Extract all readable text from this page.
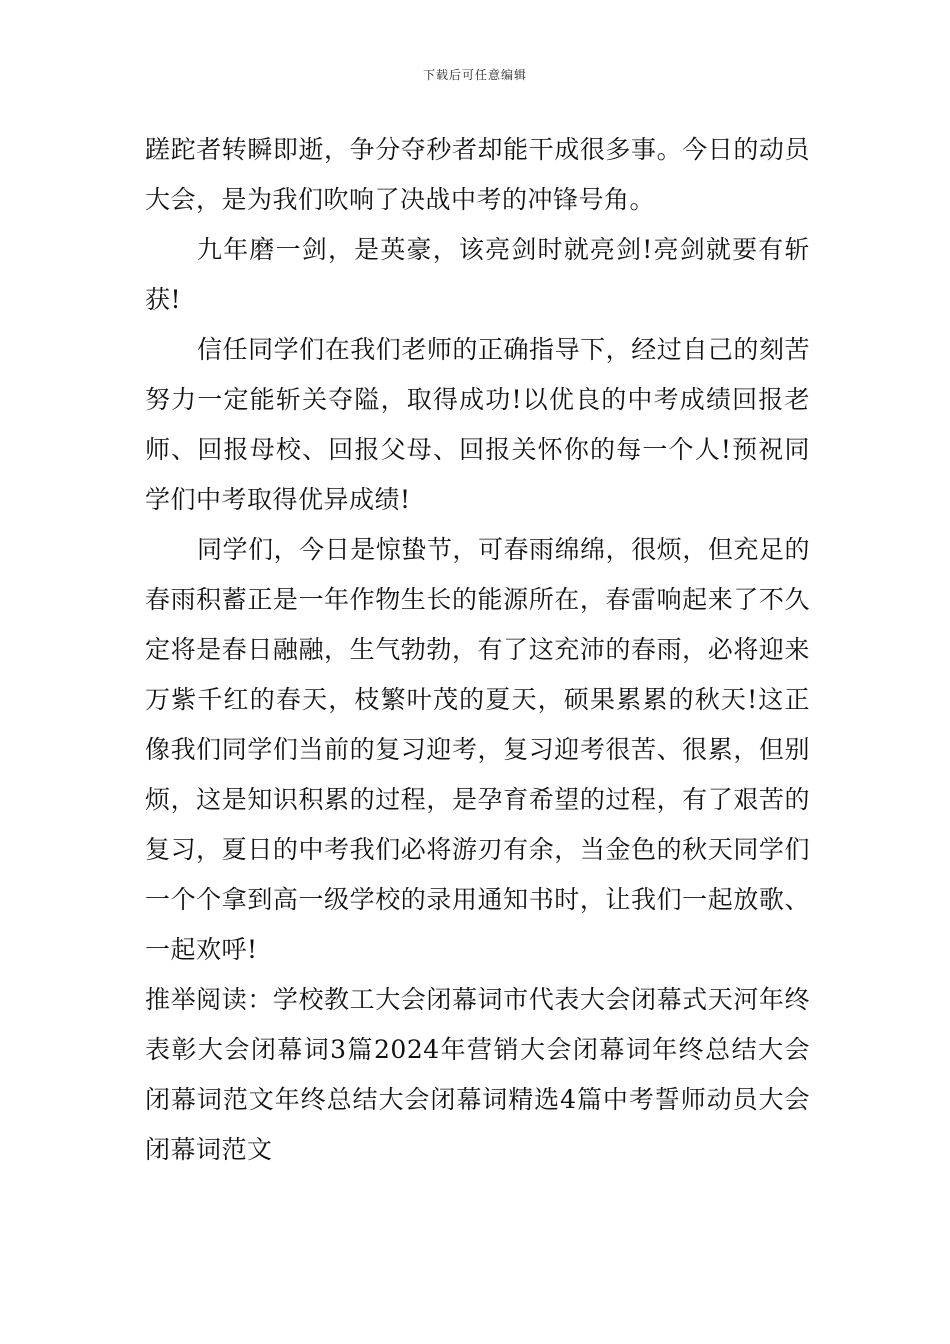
下载后可任意编辑

蹉跎者转瞬即逝，争分夺秒者却能干成很多事。今日的动员大会，是为我们吹响了决战中考的冲锋号角。

九年磨一剑，是英豪，该亮剑时就亮剑!亮剑就要有斩获!

信任同学们在我们老师的正确指导下，经过自己的刻苦努力一定能斩关夺隘，取得成功!以优良的中考成绩回报老师、回报母校、回报父母、回报关怀你的每一个人!预祝同学们中考取得优异成绩!

同学们，今日是惊蛰节，可春雨绵绵，很烦，但充足的春雨积蓄正是一年作物生长的能源所在，春雷响起来了不久定将是春日融融，生气勃勃，有了这充沛的春雨，必将迎来万紫千红的春天，枝繁叶茂的夏天，硕果累累的秋天!这正像我们同学们当前的复习迎考，复习迎考很苦、很累，但别烦，这是知识积累的过程，是孕育希望的过程，有了艰苦的复习，夏日的中考我们必将游刃有余，当金色的秋天同学们一个个拿到高一级学校的录用通知书时，让我们一起放歌、一起欢呼!

推举阅读：学校教工大会闭幕词市代表大会闭幕式天河年终表彰大会闭幕词3篇2024年营销大会闭幕词年终总结大会闭幕词范文年终总结大会闭幕词精选4篇中考誓师动员大会闭幕词范文
